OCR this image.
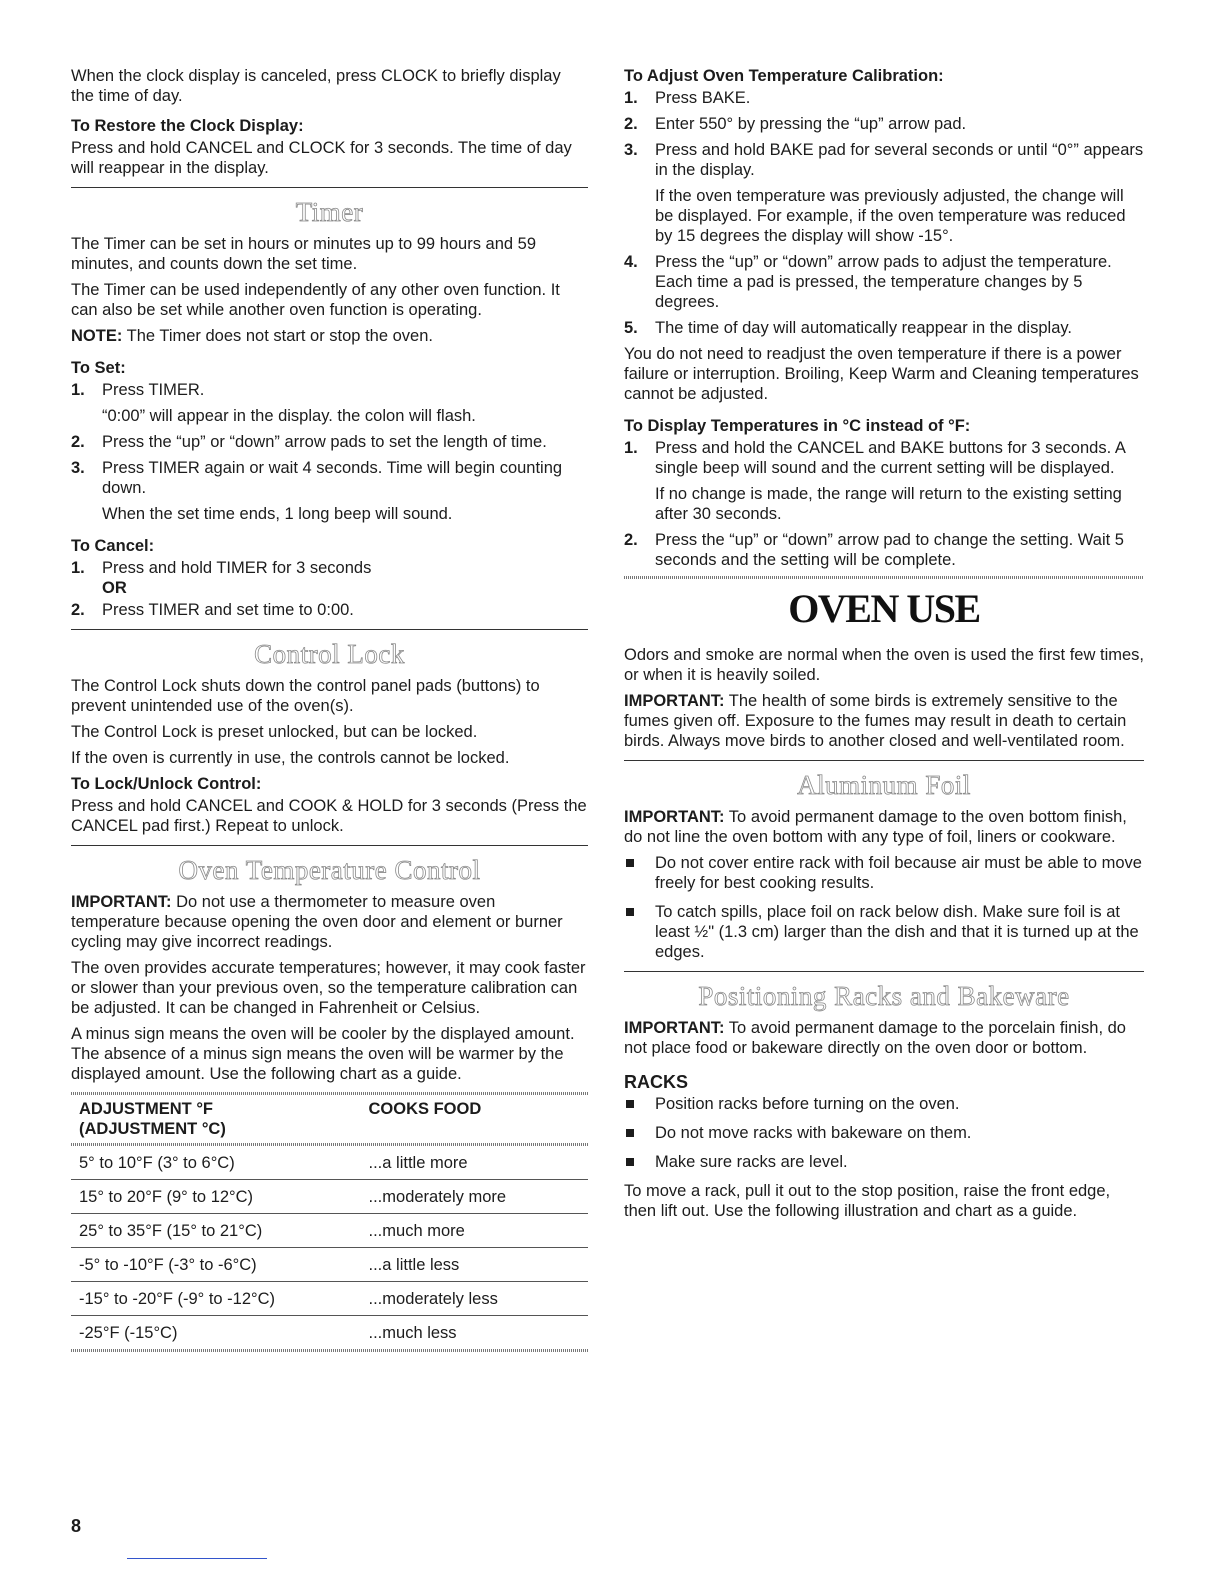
When the clock display is canceled, press CLOCK to briefly display the time of day.

To Restore the Clock Display:

Press and hold CANCEL and CLOCK for 3 seconds. The time of day will reappear in the display.

Timer

The Timer can be set in hours or minutes up to 99 hours and 59 minutes, and counts down the set time.

The Timer can be used independently of any other oven function. It can also be set while another oven function is operating.

NOTE: The Timer does not start or stop the oven.

To Set:
1. Press TIMER.
“0:00” will appear in the display. the colon will flash.
2. Press the “up” or “down” arrow pads to set the length of time.
3. Press TIMER again or wait 4 seconds. Time will begin counting down.
When the set time ends, 1 long beep will sound.
To Cancel:
1. Press and hold TIMER for 3 seconds
OR
2. Press TIMER and set time to 0:00.
Control Lock

The Control Lock shuts down the control panel pads (buttons) to prevent unintended use of the oven(s).

The Control Lock is preset unlocked, but can be locked.

If the oven is currently in use, the controls cannot be locked.

To Lock/Unlock Control:

Press and hold CANCEL and COOK & HOLD for 3 seconds (Press the CANCEL pad first.) Repeat to unlock.

Oven Temperature Control

IMPORTANT: Do not use a thermometer to measure oven temperature because opening the oven door and element or burner cycling may give incorrect readings.

The oven provides accurate temperatures; however, it may cook faster or slower than your previous oven, so the temperature calibration can be adjusted. It can be changed in Fahrenheit or Celsius.

A minus sign means the oven will be cooler by the displayed amount. The absence of a minus sign means the oven will be warmer by the displayed amount. Use the following chart as a guide.

ADJUSTMENT °F
(ADJUSTMENT °C)	COOKS FOOD

5° to 10°F (3° to 6°C)	...a little more
15° to 20°F (9° to 12°C)	...moderately more
25° to 35°F (15° to 21°C)	...much more
-5° to -10°F (-3° to -6°C)	...a little less
-15° to -20°F (-9° to -12°C)	...moderately less
-25°F (-15°C)	...much less
To Adjust Oven Temperature Calibration:
1. Press BAKE.
2. Enter 550° by pressing the “up” arrow pad.
3. Press and hold BAKE pad for several seconds or until “0°” appears in the display.
If the oven temperature was previously adjusted, the change will be displayed. For example, if the oven temperature was reduced by 15 degrees the display will show -15°.
4. Press the “up” or “down” arrow pads to adjust the temperature. Each time a pad is pressed, the temperature changes by 5 degrees.
5. The time of day will automatically reappear in the display.

You do not need to readjust the oven temperature if there is a power failure or interruption. Broiling, Keep Warm and Cleaning temperatures cannot be adjusted.

To Display Temperatures in °C instead of °F:
1. Press and hold the CANCEL and BAKE buttons for 3 seconds. A single beep will sound and the current setting will be displayed.
If no change is made, the range will return to the existing setting after 30 seconds.
2. Press the “up” or “down” arrow pad to change the setting. Wait 5 seconds and the setting will be complete.
OVEN USE

Odors and smoke are normal when the oven is used the first few times, or when it is heavily soiled.

IMPORTANT: The health of some birds is extremely sensitive to the fumes given off. Exposure to the fumes may result in death to certain birds. Always move birds to another closed and well-ventilated room.

Aluminum Foil

IMPORTANT: To avoid permanent damage to the oven bottom finish, do not line the oven bottom with any type of foil, liners or cookware.

Do not cover entire rack with foil because air must be able to move freely for best cooking results.
To catch spills, place foil on rack below dish. Make sure foil is at least ½" (1.3 cm) larger than the dish and that it is turned up at the edges.
Positioning Racks and Bakeware

IMPORTANT: To avoid permanent damage to the porcelain finish, do not place food or bakeware directly on the oven door or bottom.

RACKS
Position racks before turning on the oven.
Do not move racks with bakeware on them.
Make sure racks are level.

To move a rack, pull it out to the stop position, raise the front edge, then lift out. Use the following illustration and chart as a guide.

8
